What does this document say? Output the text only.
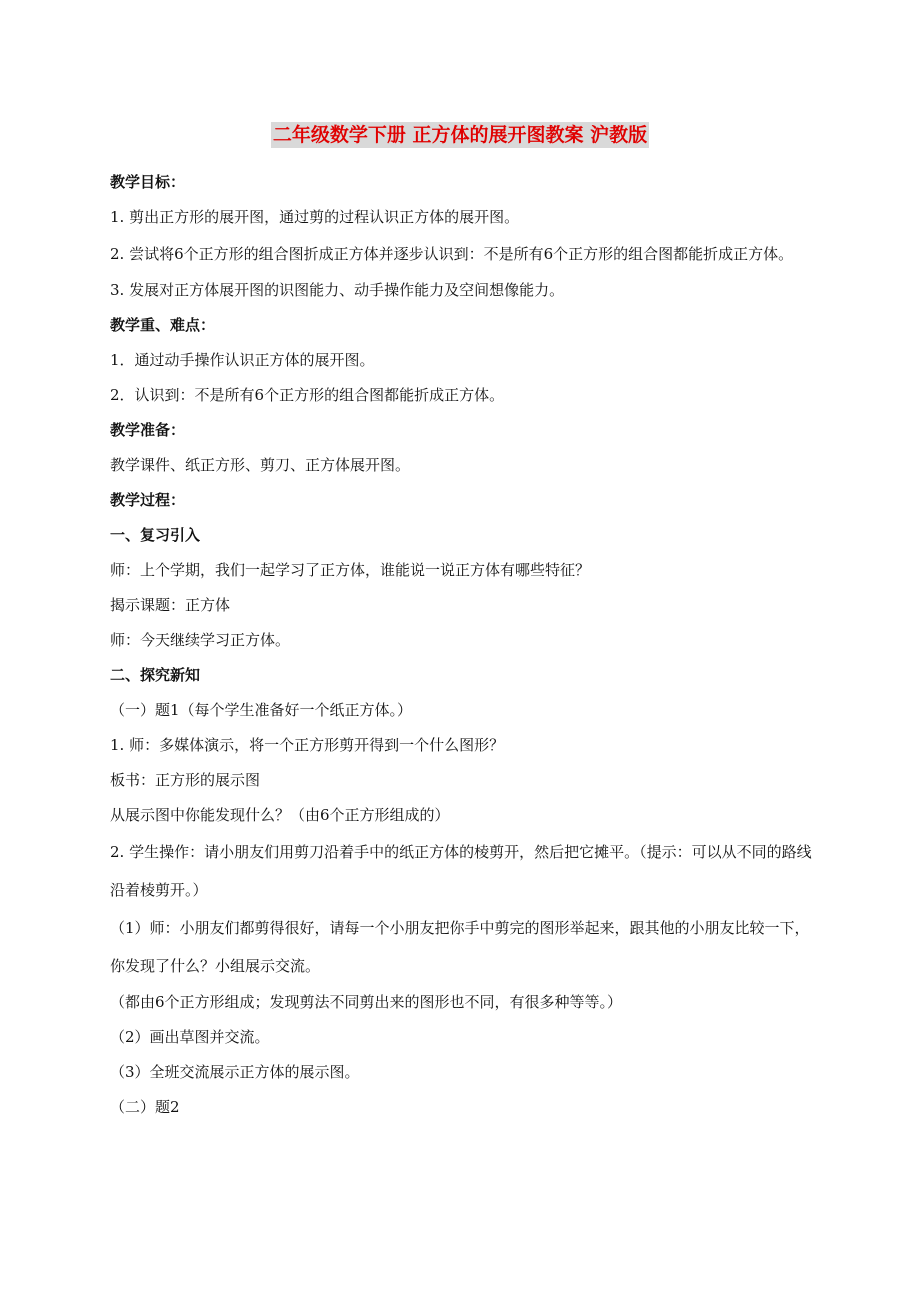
二年级数学下册 正方体的展开图教案 沪教版

教学目标：

1. 剪出正方形的展开图，通过剪的过程认识正方体的展开图。

2. 尝试将6个正方形的组合图折成正方体并逐步认识到：不是所有6个正方形的组合图都能折成正方体。

3. 发展对正方体展开图的识图能力、动手操作能力及空间想像能力。

教学重、难点：

1．通过动手操作认识正方体的展开图。

2．认识到：不是所有6个正方形的组合图都能折成正方体。

教学准备：

教学课件、纸正方形、剪刀、正方体展开图。

教学过程：

一、复习引入

师：上个学期，我们一起学习了正方体，谁能说一说正方体有哪些特征？

揭示课题：正方体

师：今天继续学习正方体。

二、探究新知

（一）题1（每个学生准备好一个纸正方体。）

1. 师：多媒体演示，将一个正方形剪开得到一个什么图形？

板书：正方形的展示图

从展示图中你能发现什么？（由6个正方形组成的）

2. 学生操作：请小朋友们用剪刀沿着手中的纸正方体的棱剪开，然后把它摊平。（提示：可以从不同的路线沿着棱剪开。）

（1）师：小朋友们都剪得很好，请每一个小朋友把你手中剪完的图形举起来，跟其他的小朋友比较一下，你发现了什么？小组展示交流。

（都由6个正方形组成；发现剪法不同剪出来的图形也不同，有很多种等等。）

（2）画出草图并交流。

（3）全班交流展示正方体的展示图。

（二）题2
